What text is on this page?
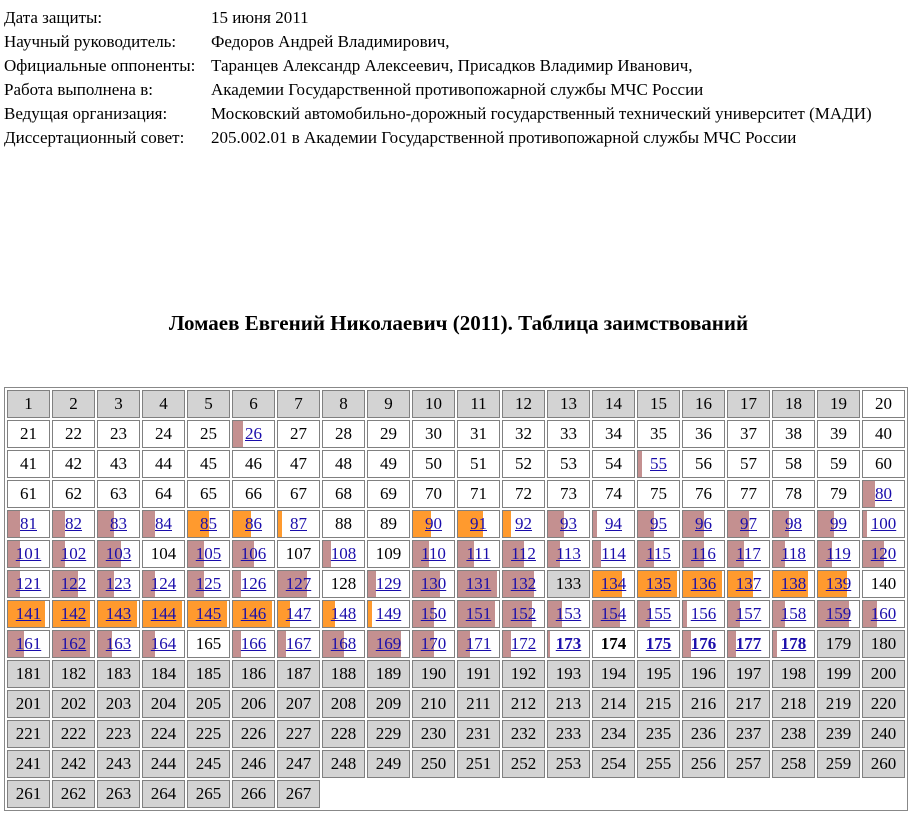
Дата защиты:	15 июня 2011
Научный руководитель:	Федоров Андрей Владимирович,
Официальные оппоненты:	Таранцев Александр Алексеевич, Присадков Владимир Иванович,
Работа выполнена в:	Академии Государственной противопожарной службы МЧС России
Ведущая организация:	Московский автомобильно-дорожный государственный технический университет (МАДИ)
Диссертационный совет:	205.002.01 в Академии Государственной противопожарной службы МЧС России
Ломаев Евгений Николаевич (2011). Таблица заимствований
1	2	3	4	5	6	7	8	9	10	11	12	13	14	15	16	17	18	19	20
21	22	23	24	25	26	27	28	29	30	31	32	33	34	35	36	37	38	39	40
41	42	43	44	45	46	47	48	49	50	51	52	53	54	55	56	57	58	59	60
61	62	63	64	65	66	67	68	69	70	71	72	73	74	75	76	77	78	79	80

81	82	83	84	85	86	87	88	89	90	91	92	93	94	95	96	97	98	99	100

101	102	103	104	105	106	107	108	109	110	111	112	113	114	115	116	117	118	119	120

121	122	123	124	125	126	127	128	129	130	131	132	133	134	135	136	137	138	139	140

141	142	143	144	145	146	147	148	149	150	151	152	153	154	155	156	157	158	159	160

161	162	163	164	165	166	167	168	169	170	171	172	173	174	175	176	177	178	179	180
181	182	183	184	185	186	187	188	189	190	191	192	193	194	195	196	197	198	199	200
201	202	203	204	205	206	207	208	209	210	211	212	213	214	215	216	217	218	219	220
221	222	223	224	225	226	227	228	229	230	231	232	233	234	235	236	237	238	239	240
241	242	243	244	245	246	247	248	249	250	251	252	253	254	255	256	257	258	259	260
261	262	263	264	265	266	267													
